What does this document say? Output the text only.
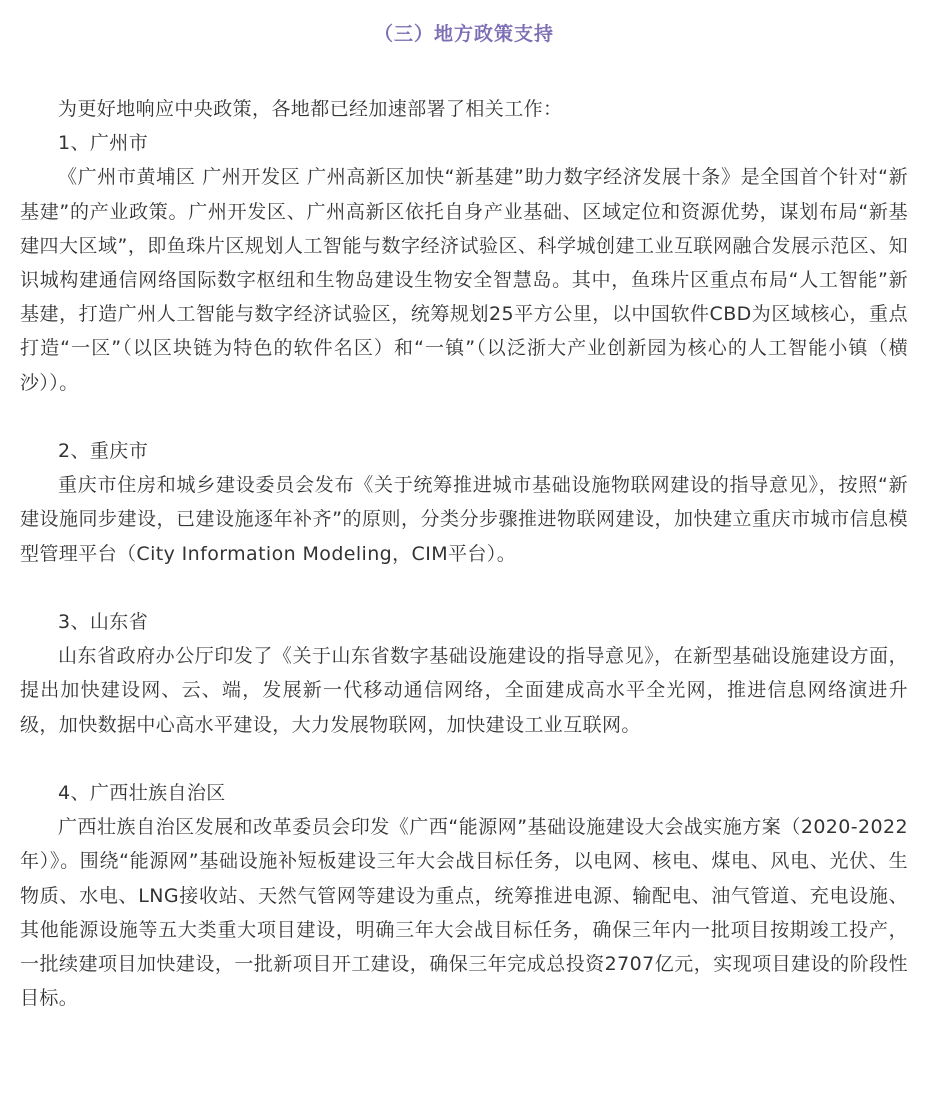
（三）地方政策支持

为更好地响应中央政策，各地都已经加速部署了相关工作：

1、广州市

《广州市黄埔区 广州开发区 广州高新区加快“新基建”助力数字经济发展十条》是全国首个针对“新基建”的产业政策。广州开发区、广州高新区依托自身产业基础、区域定位和资源优势，谋划布局“新基建四大区域”，即鱼珠片区规划人工智能与数字经济试验区、科学城创建工业互联网融合发展示范区、知识城构建通信网络国际数字枢纽和生物岛建设生物安全智慧岛。其中，鱼珠片区重点布局“人工智能”新基建，打造广州人工智能与数字经济试验区，统筹规划25平方公里，以中国软件CBD为区域核心，重点打造“一区”（以区块链为特色的软件名区）和“一镇”（以泛浙大产业创新园为核心的人工智能小镇（横沙））。

2、重庆市

重庆市住房和城乡建设委员会发布《关于统筹推进城市基础设施物联网建设的指导意见》，按照“新建设施同步建设，已建设施逐年补齐”的原则，分类分步骤推进物联网建设，加快建立重庆市城市信息模型管理平台（City Information Modeling，CIM平台）。

3、山东省

山东省政府办公厅印发了《关于山东省数字基础设施建设的指导意见》，在新型基础设施建设方面，提出加快建设网、云、端，发展新一代移动通信网络，全面建成高水平全光网，推进信息网络演进升级，加快数据中心高水平建设，大力发展物联网，加快建设工业互联网。

4、广西壮族自治区

广西壮族自治区发展和改革委员会印发《广西“能源网”基础设施建设大会战实施方案（2020-2022年）》。围绕“能源网”基础设施补短板建设三年大会战目标任务，以电网、核电、煤电、风电、光伏、生物质、水电、LNG接收站、天然气管网等建设为重点，统筹推进电源、输配电、油气管道、充电设施、其他能源设施等五大类重大项目建设，明确三年大会战目标任务，确保三年内一批项目按期竣工投产，一批续建项目加快建设，一批新项目开工建设，确保三年完成总投资2707亿元，实现项目建设的阶段性目标。
